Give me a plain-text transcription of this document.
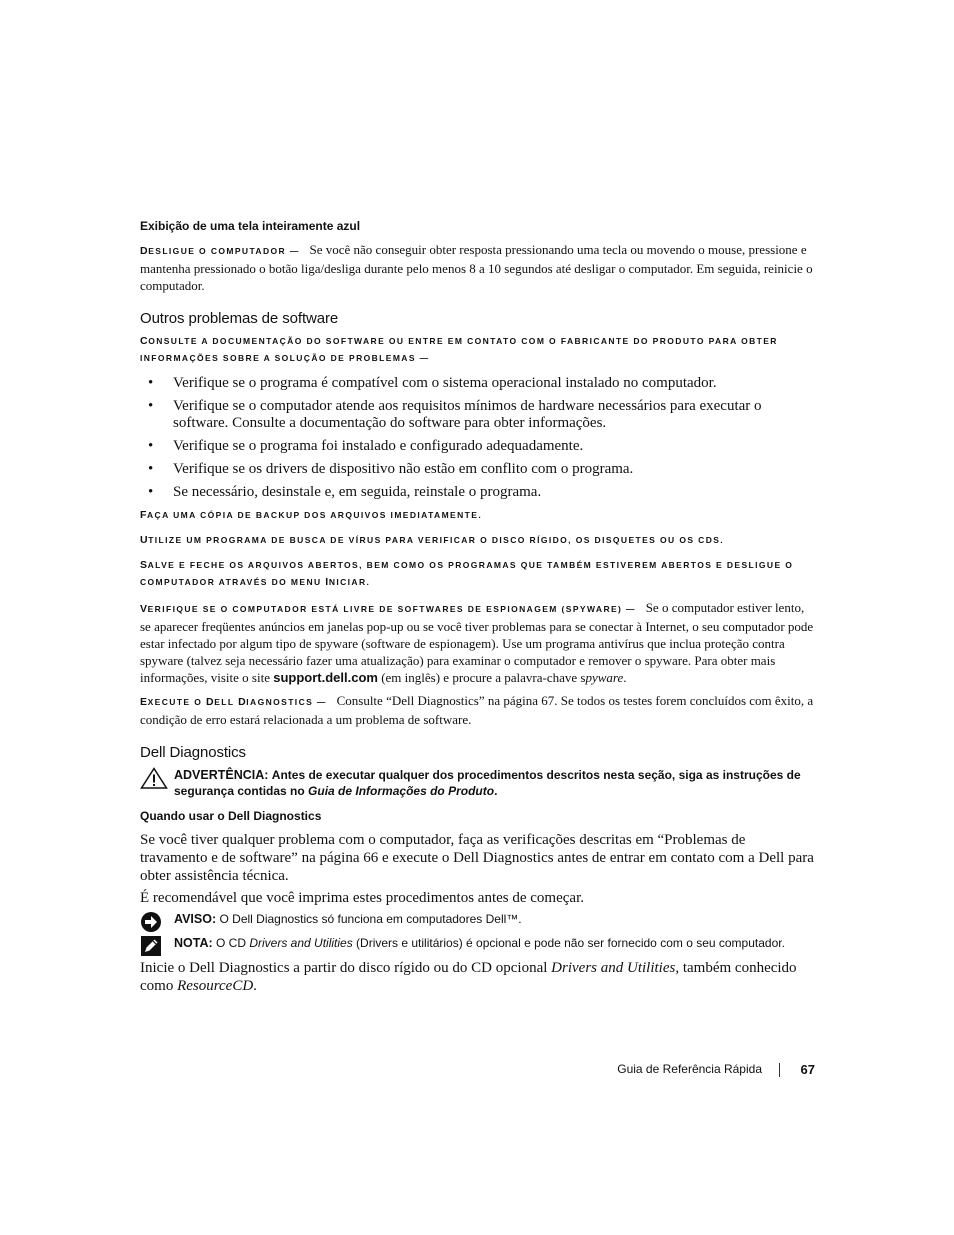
Exibição de uma tela inteiramente azul

DESLIGUE O COMPUTADOR — Se você não conseguir obter resposta pressionando uma tecla ou movendo o mouse, pressione e mantenha pressionado o botão liga/desliga durante pelo menos 8 a 10 segundos até desligar o computador. Em seguida, reinicie o computador.

Outros problemas de software
CONSULTE A DOCUMENTAÇÃO DO SOFTWARE OU ENTRE EM CONTATO COM O FABRICANTE DO PRODUTO PARA OBTER INFORMAÇÕES SOBRE A SOLUÇÃO DE PROBLEMAS —
• Verifique se o programa é compatível com o sistema operacional instalado no computador.
• Verifique se o computador atende aos requisitos mínimos de hardware necessários para executar o software. Consulte a documentação do software para obter informações.
• Verifique se o programa foi instalado e configurado adequadamente.
• Verifique se os drivers de dispositivo não estão em conflito com o programa.
• Se necessário, desinstale e, em seguida, reinstale o programa.
FAÇA UMA CÓPIA DE BACKUP DOS ARQUIVOS IMEDIATAMENTE.
UTILIZE UM PROGRAMA DE BUSCA DE VÍRUS PARA VERIFICAR O DISCO RÍGIDO, OS DISQUETES OU OS CDS.
SALVE E FECHE OS ARQUIVOS ABERTOS, BEM COMO OS PROGRAMAS QUE TAMBÉM ESTIVEREM ABERTOS E DESLIGUE O COMPUTADOR ATRAVÉS DO MENU INICIAR.

VERIFIQUE SE O COMPUTADOR ESTÁ LIVRE DE SOFTWARES DE ESPIONAGEM (SPYWARE) — Se o computador estiver lento, se aparecer freqüentes anúncios em janelas pop-up ou se você tiver problemas para se conectar à Internet, o seu computador pode estar infectado por algum tipo de spyware (software de espionagem). Use um programa antivírus que inclua proteção contra spyware (talvez seja necessário fazer uma atualização) para examinar o computador e remover o spyware. Para obter mais informações, visite o site support.dell.com (em inglês) e procure a palavra-chave spyware.

EXECUTE O DELL DIAGNOSTICS — Consulte “Dell Diagnostics” na página 67. Se todos os testes forem concluídos com êxito, a condição de erro estará relacionada a um problema de software.

Dell Diagnostics
ADVERTÊNCIA: Antes de executar qualquer dos procedimentos descritos nesta seção, siga as instruções de segurança contidas no Guia de Informações do Produto.
Quando usar o Dell Diagnostics

Se você tiver qualquer problema com o computador, faça as verificações descritas em “Problemas de travamento e de software” na página 66 e execute o Dell Diagnostics antes de entrar em contato com a Dell para obter assistência técnica.

É recomendável que você imprima estes procedimentos antes de começar.

AVISO: O Dell Diagnostics só funciona em computadores Dell™.
NOTA: O CD Drivers and Utilities (Drivers e utilitários) é opcional e pode não ser fornecido com o seu computador.

Inicie o Dell Diagnostics a partir do disco rígido ou do CD opcional Drivers and Utilities, também conhecido como ResourceCD.

Guia de Referência Rápida	67
